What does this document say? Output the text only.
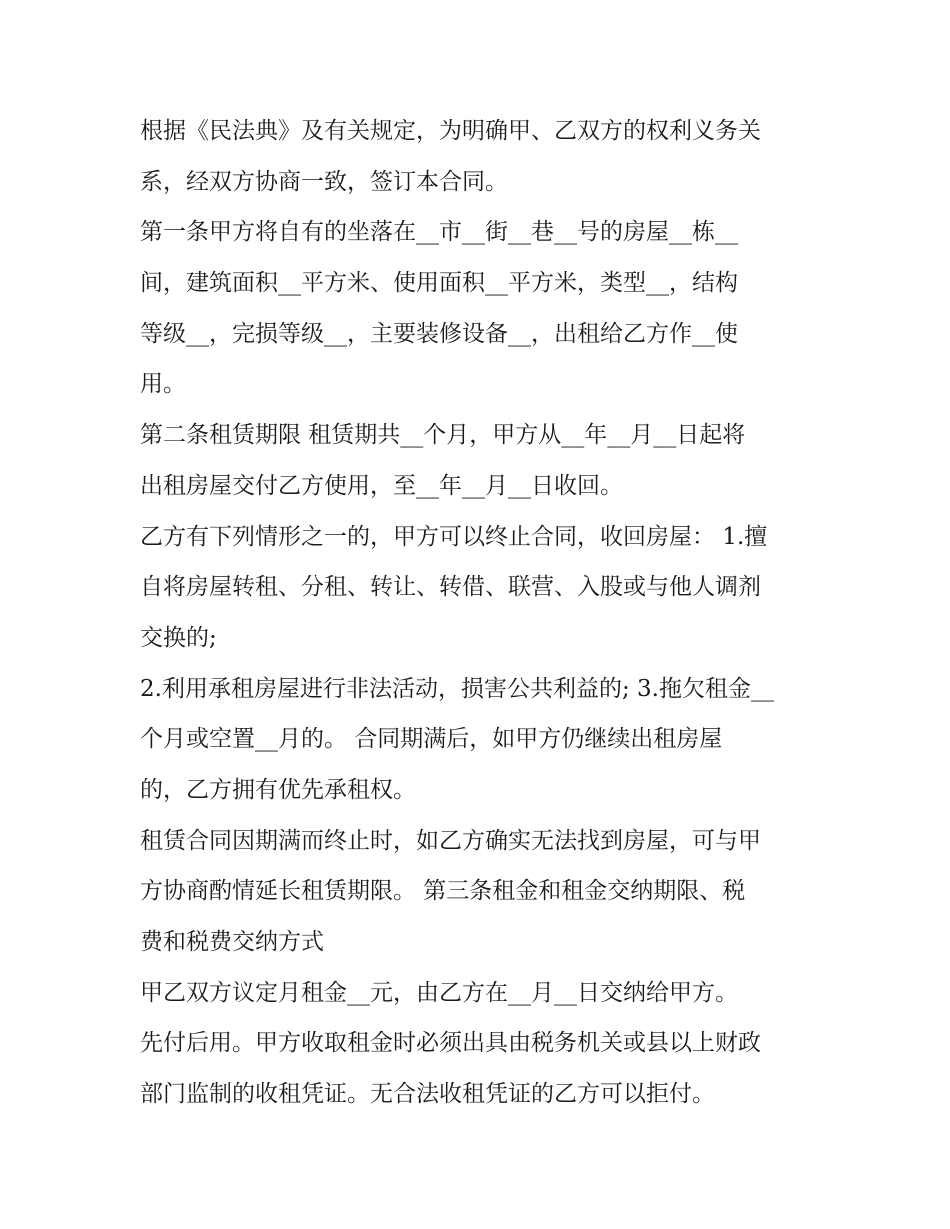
根据《民法典》及有关规定，为明确甲、乙双方的权利义务关
系，经双方协商一致，签订本合同。
第一条甲方将自有的坐落在__市__街__巷__号的房屋__栋__
间，建筑面积__平方米、使用面积__平方米，类型__，结构
等级__，完损等级__，主要装修设备__，出租给乙方作__使
用。
第二条租赁期限 租赁期共__个月，甲方从__年__月__日起将
出租房屋交付乙方使用，至__年__月__日收回。
乙方有下列情形之一的，甲方可以终止合同，收回房屋： 1.擅
自将房屋转租、分租、转让、转借、联营、入股或与他人调剂
交换的;
2.利用承租房屋进行非法活动，损害公共利益的; 3.拖欠租金__
个月或空置__月的。 合同期满后，如甲方仍继续出租房屋
的，乙方拥有优先承租权。
租赁合同因期满而终止时，如乙方确实无法找到房屋，可与甲
方协商酌情延长租赁期限。 第三条租金和租金交纳期限、税
费和税费交纳方式
甲乙双方议定月租金__元，由乙方在__月__日交纳给甲方。
先付后用。甲方收取租金时必须出具由税务机关或县以上财政
部门监制的收租凭证。无合法收租凭证的乙方可以拒付。
